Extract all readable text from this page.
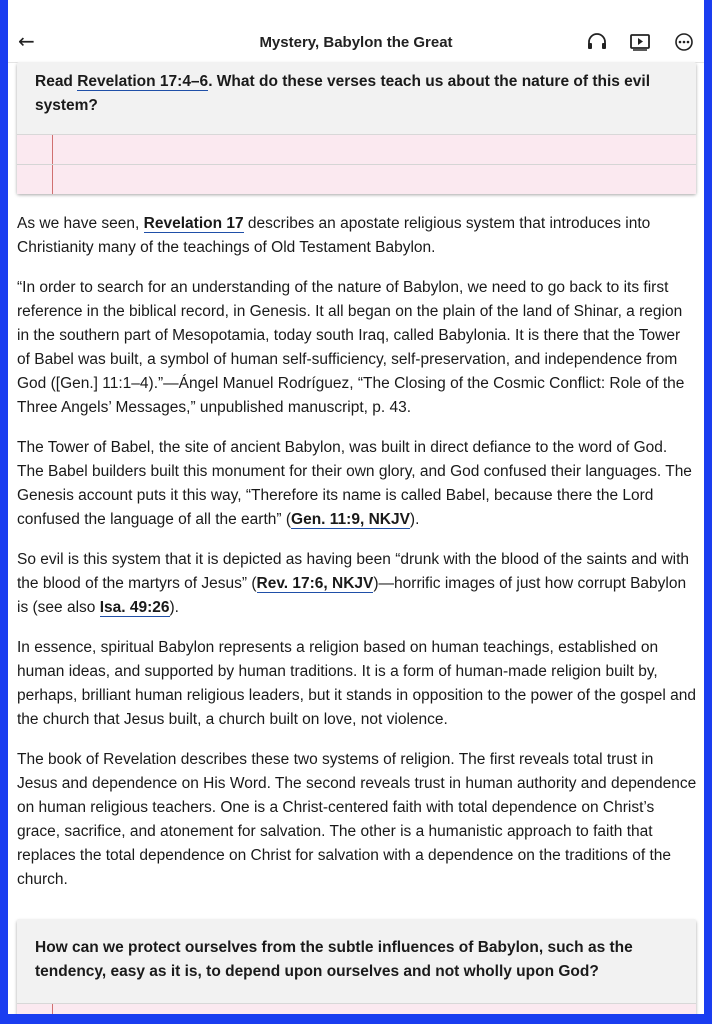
←	Mystery, Babylon the Great
Read Revelation 17:4–6. What do these verses teach us about the nature of this evil system?

As we have seen, Revelation 17 describes an apostate religious system that introduces into Christianity many of the teachings of Old Testament Babylon.

“In order to search for an understanding of the nature of Babylon, we need to go back to its first reference in the biblical record, in Genesis. It all began on the plain of the land of Shinar, a region in the southern part of Mesopotamia, today south Iraq, called Babylonia. It is there that the Tower of Babel was built, a symbol of human self-sufficiency, self-preservation, and independence from God ([Gen.] 11:1–4).”—Ángel Manuel Rodríguez, “The Closing of the Cosmic Conflict: Role of the Three Angels’ Messages,” unpublished manuscript, p. 43.

The Tower of Babel, the site of ancient Babylon, was built in direct defiance to the word of God. The Babel builders built this monument for their own glory, and God confused their languages. The Genesis account puts it this way, “Therefore its name is called Babel, because there the Lord confused the language of all the earth” (Gen. 11:9, NKJV).

So evil is this system that it is depicted as having been “drunk with the blood of the saints and with the blood of the martyrs of Jesus” (Rev. 17:6, NKJV)—horrific images of just how corrupt Babylon is (see also Isa. 49:26).

In essence, spiritual Babylon represents a religion based on human teachings, established on human ideas, and supported by human traditions. It is a form of human-made religion built by, perhaps, brilliant human religious leaders, but it stands in opposition to the power of the gospel and the church that Jesus built, a church built on love, not violence.

The book of Revelation describes these two systems of religion. The first reveals total trust in Jesus and dependence on His Word. The second reveals trust in human authority and dependence on human religious teachers. One is a Christ-centered faith with total dependence on Christ’s grace, sacrifice, and atonement for salvation. The other is a humanistic approach to faith that replaces the total dependence on Christ for salvation with a dependence on the traditions of the church.

How can we protect ourselves from the subtle influences of Babylon, such as the tendency, easy as it is, to depend upon ourselves and not wholly upon God?
